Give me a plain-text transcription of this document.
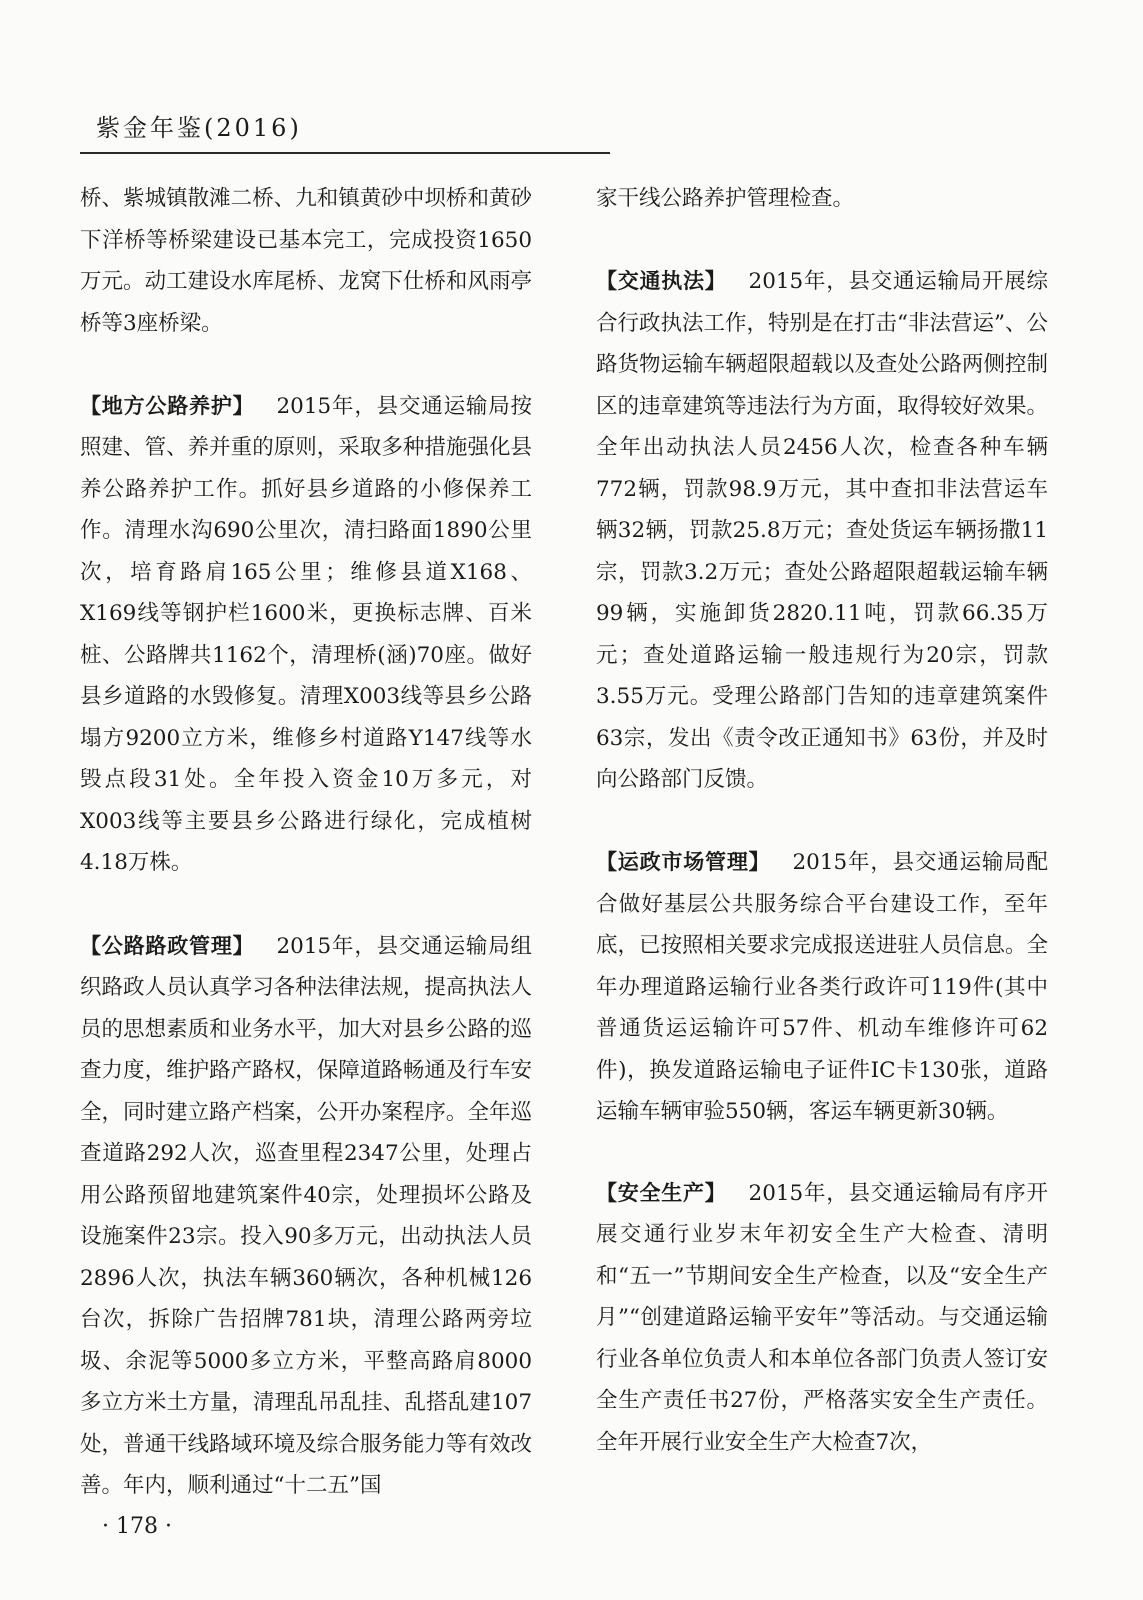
紫金年鉴(2016)

桥、紫城镇散滩二桥、九和镇黄砂中坝桥和黄砂下洋桥等桥梁建设已基本完工，完成投资1650万元。动工建设水库尾桥、龙窝下仕桥和风雨亭桥等3座桥梁。

【地方公路养护】 2015年，县交通运输局按照建、管、养并重的原则，采取多种措施强化县养公路养护工作。抓好县乡道路的小修保养工作。清理水沟690公里次，清扫路面1890公里次，培育路肩165公里；维修县道X168、X169线等钢护栏1600米，更换标志牌、百米桩、公路牌共1162个，清理桥(涵)70座。做好县乡道路的水毁修复。清理X003线等县乡公路塌方9200立方米，维修乡村道路Y147线等水毁点段31处。全年投入资金10万多元，对X003线等主要县乡公路进行绿化，完成植树4.18万株。

【公路路政管理】 2015年，县交通运输局组织路政人员认真学习各种法律法规，提高执法人员的思想素质和业务水平，加大对县乡公路的巡查力度，维护路产路权，保障道路畅通及行车安全，同时建立路产档案，公开办案程序。全年巡查道路292人次，巡查里程2347公里，处理占用公路预留地建筑案件40宗，处理损坏公路及设施案件23宗。投入90多万元，出动执法人员2896人次，执法车辆360辆次，各种机械126台次，拆除广告招牌781块，清理公路两旁垃圾、余泥等5000多立方米，平整高路肩8000多立方米土方量，清理乱吊乱挂、乱搭乱建107处，普通干线路域环境及综合服务能力等有效改善。年内，顺利通过“十二五”国

家干线公路养护管理检查。

【交通执法】 2015年，县交通运输局开展综合行政执法工作，特别是在打击“非法营运”、公路货物运输车辆超限超载以及查处公路两侧控制区的违章建筑等违法行为方面，取得较好效果。全年出动执法人员2456人次，检查各种车辆772辆，罚款98.9万元，其中查扣非法营运车辆32辆，罚款25.8万元；查处货运车辆扬撒11宗，罚款3.2万元；查处公路超限超载运输车辆99辆，实施卸货2820.11吨，罚款66.35万元；查处道路运输一般违规行为20宗，罚款3.55万元。受理公路部门告知的违章建筑案件63宗，发出《责令改正通知书》63份，并及时向公路部门反馈。

【运政市场管理】 2015年，县交通运输局配合做好基层公共服务综合平台建设工作，至年底，已按照相关要求完成报送进驻人员信息。全年办理道路运输行业各类行政许可119件(其中普通货运运输许可57件、机动车维修许可62件)，换发道路运输电子证件IC卡130张，道路运输车辆审验550辆，客运车辆更新30辆。

【安全生产】 2015年，县交通运输局有序开展交通行业岁末年初安全生产大检查、清明和“五一”节期间安全生产检查，以及“安全生产月”“创建道路运输平安年”等活动。与交通运输行业各单位负责人和本单位各部门负责人签订安全生产责任书27份，严格落实安全生产责任。全年开展行业安全生产大检查7次，

· 178 ·
